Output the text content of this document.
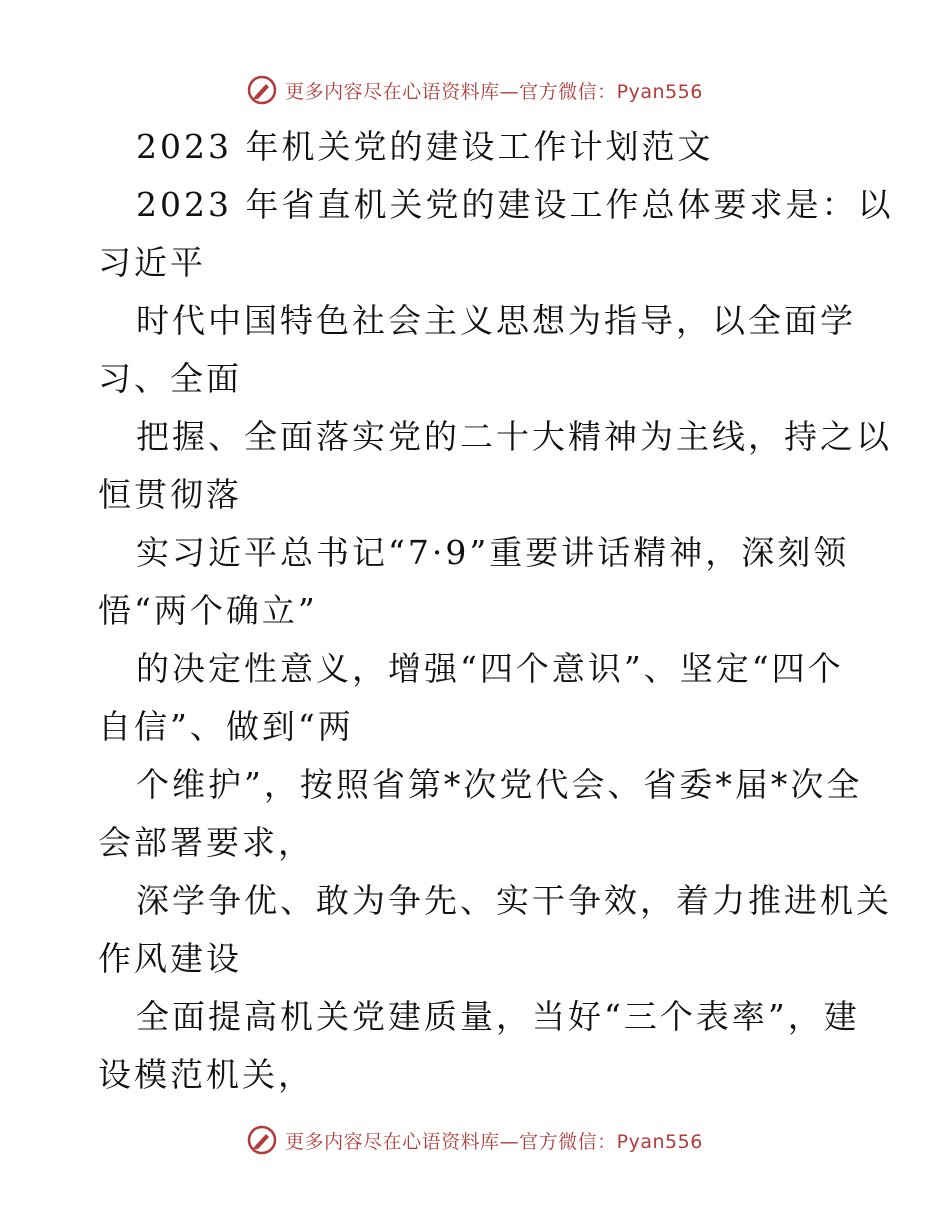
更多内容尽在心语资料库—官方微信：Pyan556
2023 年机关党的建设工作计划范文
2023 年省直机关党的建设工作总体要求是：以
习近平
时代中国特色社会主义思想为指导，以全面学
习、全面
把握、全面落实党的二十大精神为主线，持之以
恒贯彻落
实习近平总书记“7·9”重要讲话精神，深刻领
悟“两个确立”
的决定性意义，增强“四个意识”、坚定“四个
自信”、做到“两
个维护”，按照省第*次党代会、省委*届*次全
会部署要求，
深学争优、敢为争先、实干争效，着力推进机关
作风建设
全面提高机关党建质量，当好“三个表率”，建
设模范机关，
更多内容尽在心语资料库—官方微信：Pyan556
